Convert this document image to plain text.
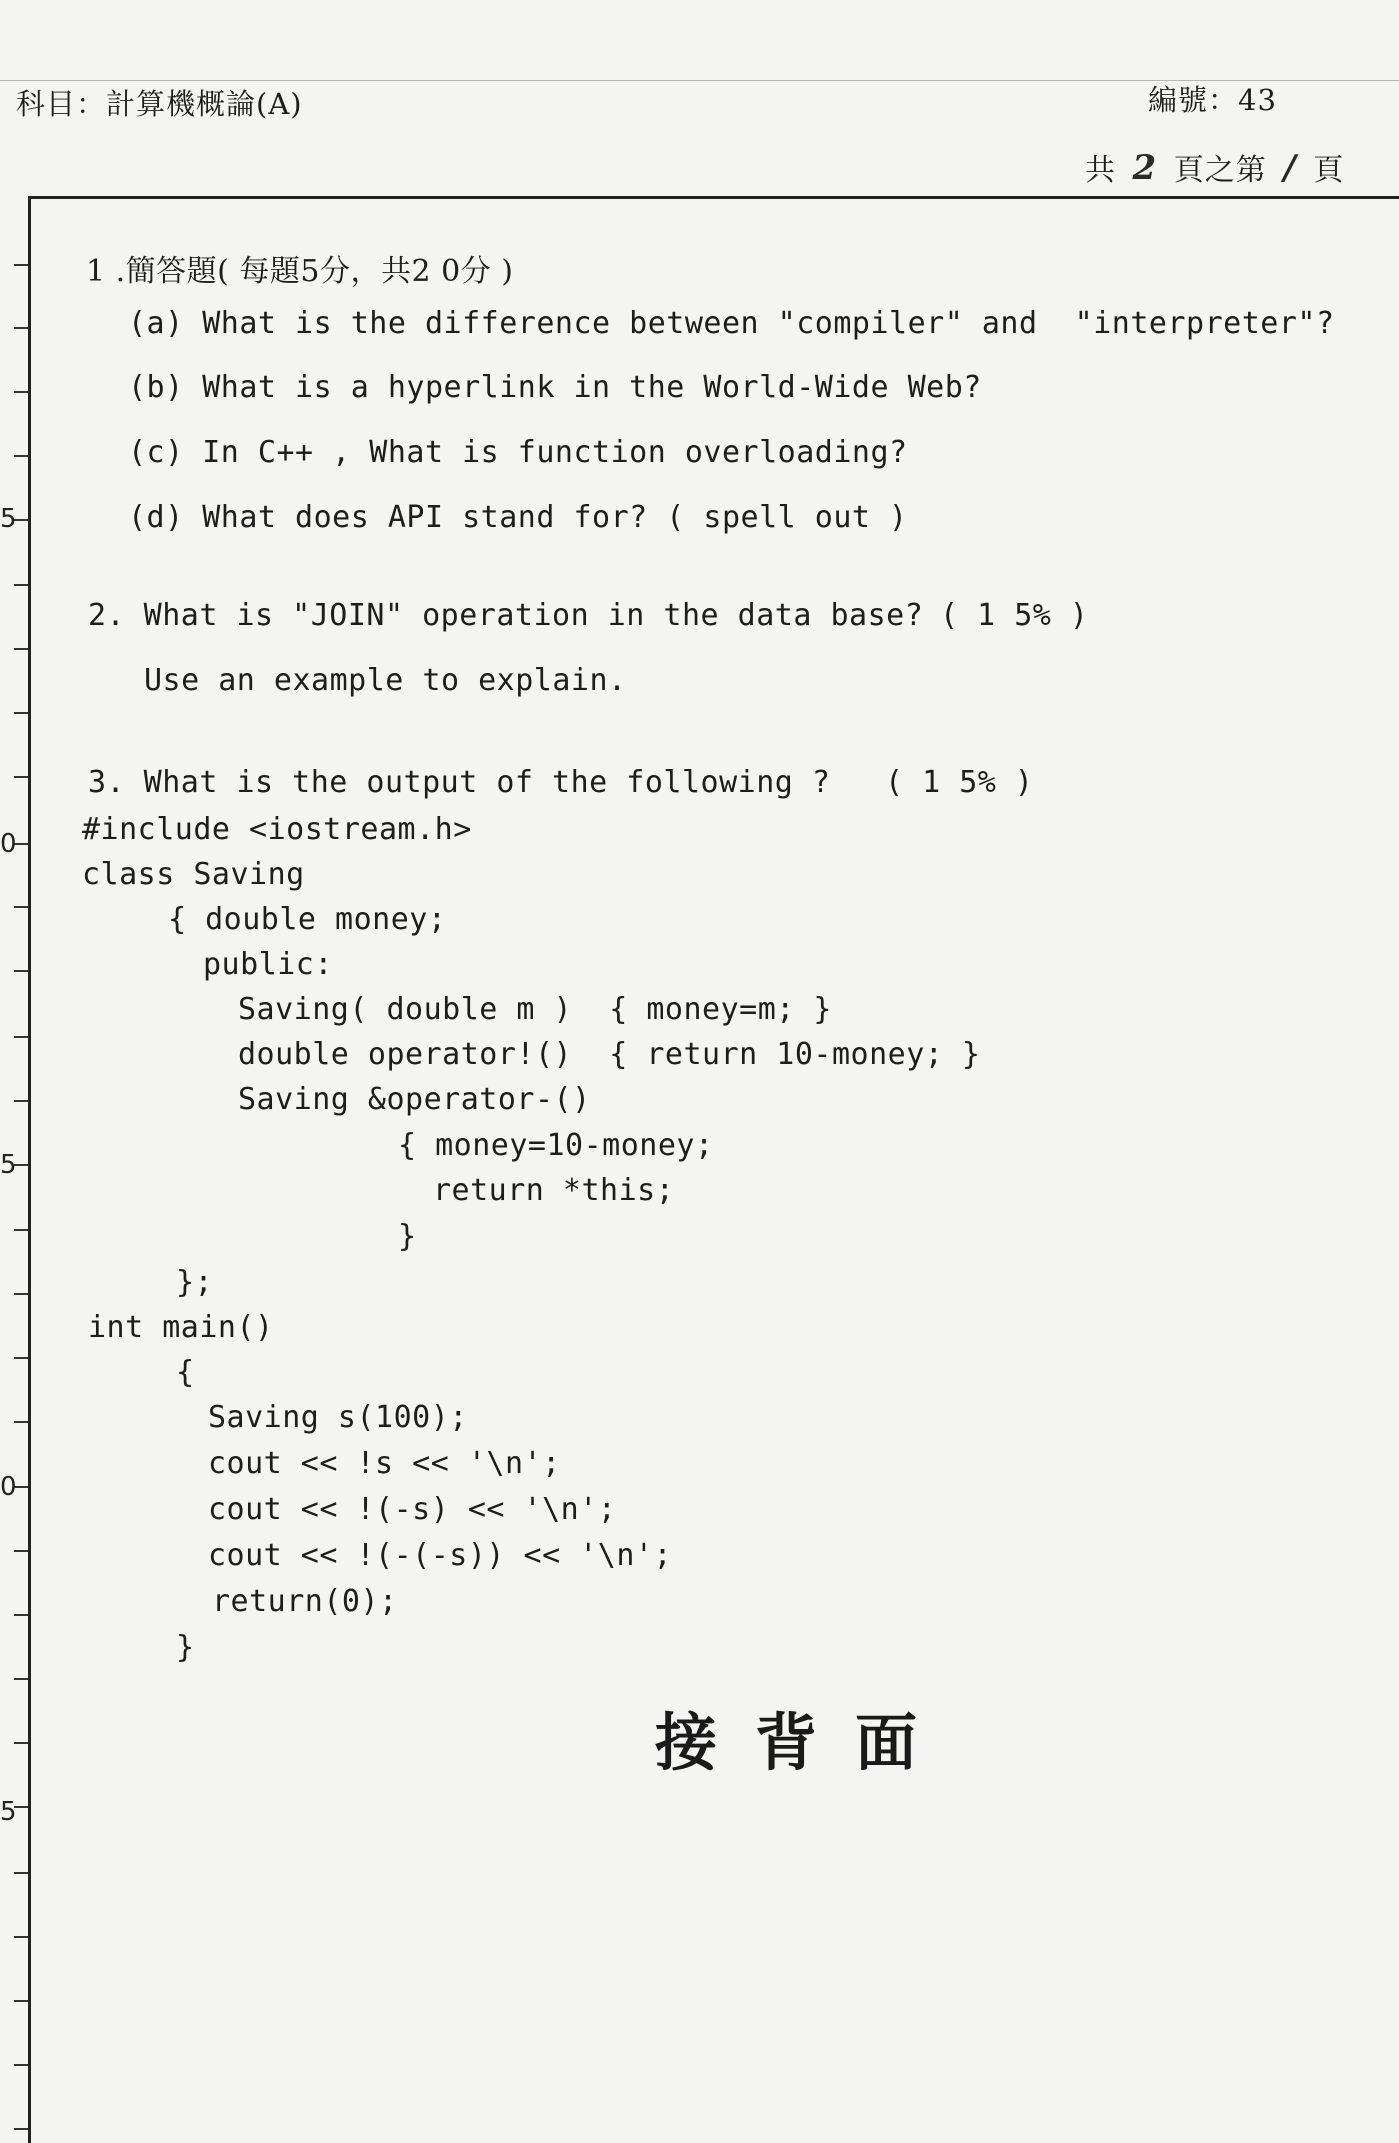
科目：計算機概論(A)	編號：43
共 2 頁之第 / 頁
5
0
5
0
5
1 .簡答題( 每題5分，共2 0分 )
(a) What is the difference between "compiler" and  "interpreter"?
(b) What is a hyperlink in the World-Wide Web?
(c) In C++ , What is function overloading?
(d) What does API stand for? ( spell out )
2. What is "JOIN" operation in the data base? ( 1 5% )
Use an example to explain.
3. What is the output of the following ? ( 1 5% )
#include <iostream.h>
class Saving
{ double money;
public:
Saving( double m )  { money=m; }
double operator!()  { return 10-money; }
Saving &operator-()
{ money=10-money;
return *this;
}
};
int main()
{
Saving s(100);
cout << !s << '\n';
cout << !(-s) << '\n';
cout << !(-(-s)) << '\n';
return(0);
}
接背面
